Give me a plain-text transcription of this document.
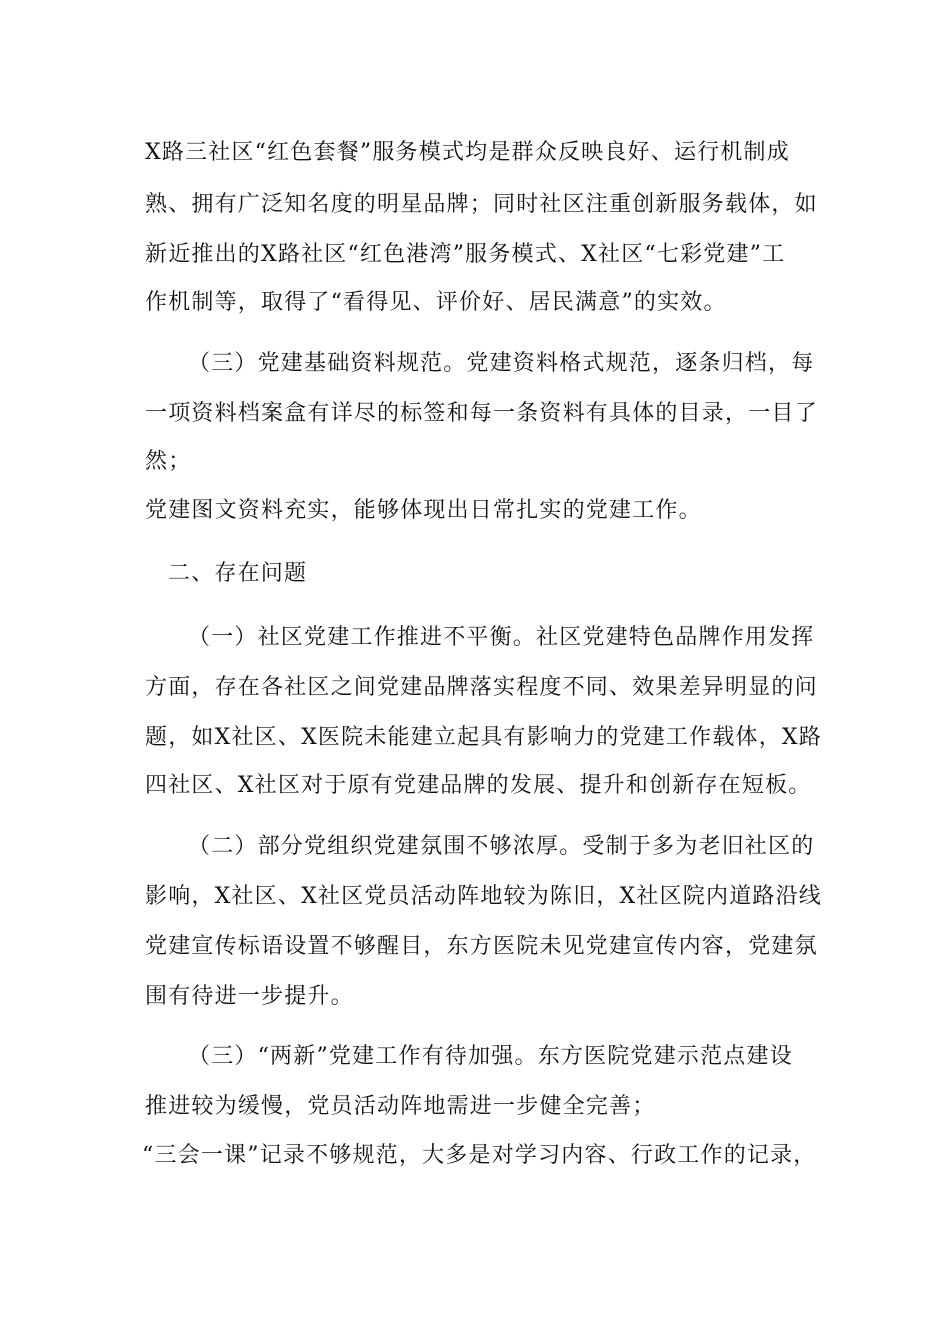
X路三社区“红色套餐”服务模式均是群众反映良好、运行机制成
熟、拥有广泛知名度的明星品牌；同时社区注重创新服务载体，如
新近推出的X路社区“红色港湾”服务模式、X社区“七彩党建”工
作机制等，取得了“看得见、评价好、居民满意”的实效。
（三）党建基础资料规范。党建资料格式规范，逐条归档，每
一项资料档案盒有详尽的标签和每一条资料有具体的目录，一目了
然；
党建图文资料充实，能够体现出日常扎实的党建工作。
二、存在问题
（一）社区党建工作推进不平衡。社区党建特色品牌作用发挥
方面，存在各社区之间党建品牌落实程度不同、效果差异明显的问
题，如X社区、X医院未能建立起具有影响力的党建工作载体，X路
四社区、X社区对于原有党建品牌的发展、提升和创新存在短板。
（二）部分党组织党建氛围不够浓厚。受制于多为老旧社区的
影响，X社区、X社区党员活动阵地较为陈旧，X社区院内道路沿线
党建宣传标语设置不够醒目，东方医院未见党建宣传内容，党建氛
围有待进一步提升。
（三）“两新”党建工作有待加强。东方医院党建示范点建设
推进较为缓慢，党员活动阵地需进一步健全完善；
“三会一课”记录不够规范，大多是对学习内容、行政工作的记录，
